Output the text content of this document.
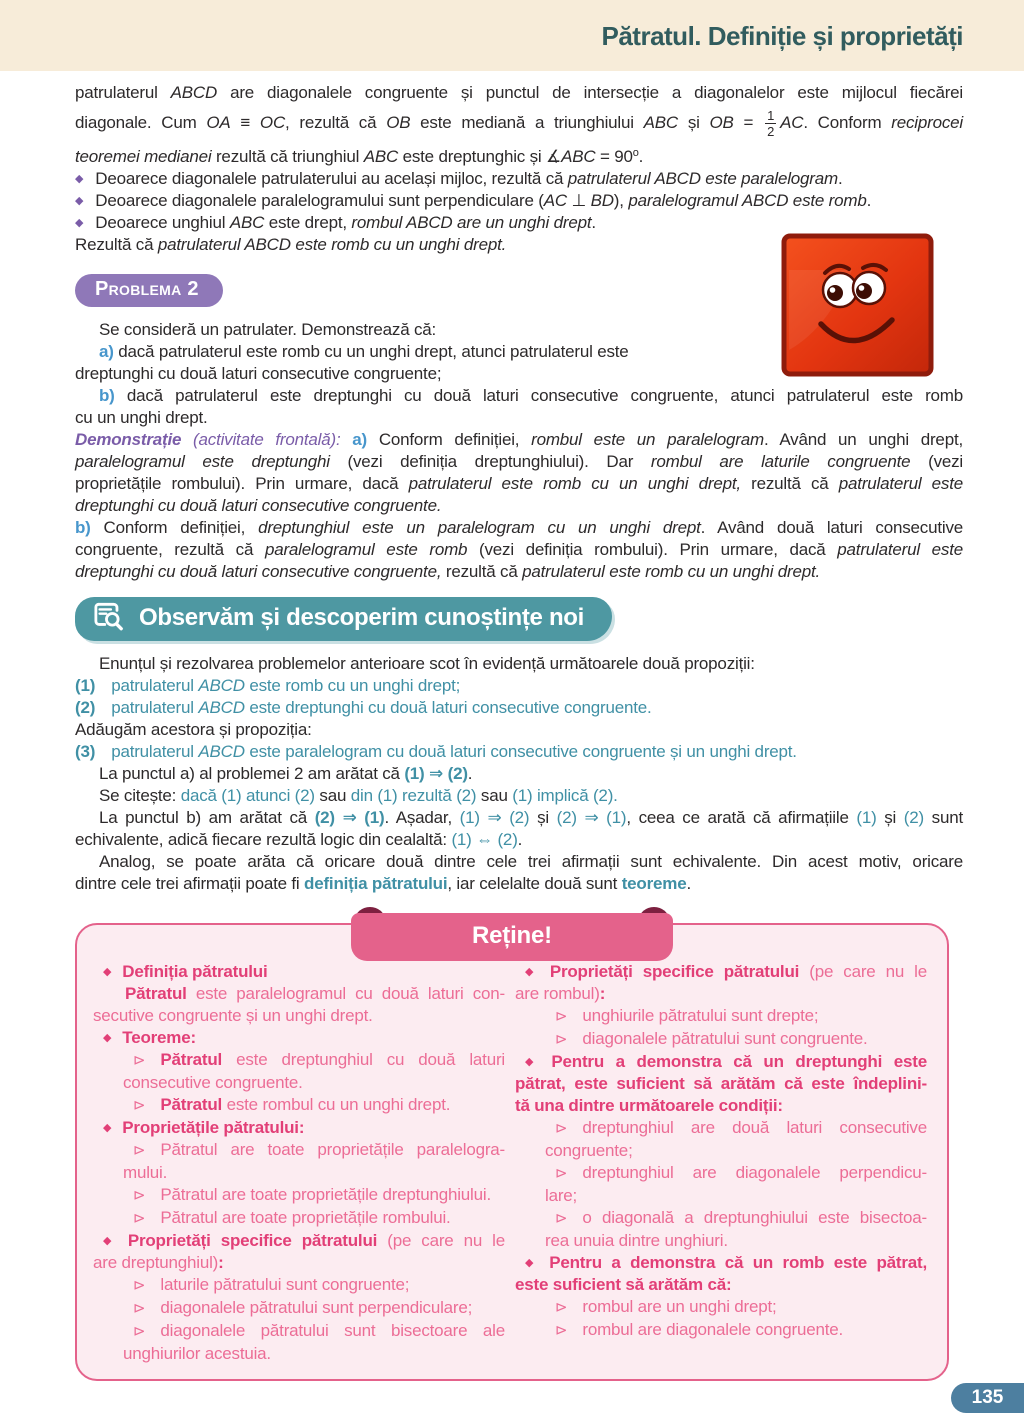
Pătratul. Definiție și proprietăți
patrulaterul ABCD are diagonalele congruente și punctul de intersecție a diagonalelor este mijlocul fiecărei
diagonale. Cum OA ≡ OC, rezultă că OB este mediană a triunghiului ABC și OB = $\frac{1}{2}$ AC. Conform reciprocei
teoremei medianei rezultă că triunghiul ABC este dreptunghic și ∡ABC = $90^o$.
◆ Deoarece diagonalele patrulaterului au același mijloc, rezultă că patrulaterul ABCD este paralelogram.
◆ Deoarece diagonalele paralelogramului sunt perpendiculare (AC ⊥ BD), paralelogramul ABCD este romb.
◆ Deoarece unghiul ABC este drept, rombul ABCD are un unghi drept.
Rezultă că patrulaterul ABCD este romb cu un unghi drept.
Problema 2
Se consideră un patrulater. Demonstrează că:
a) dacă patrulaterul este romb cu un unghi drept, atunci patrulaterul este
dreptunghi cu două laturi consecutive congruente;
b) dacă patrulaterul este dreptunghi cu două laturi consecutive congruente, atunci patrulaterul este romb
cu un unghi drept.
Demonstrație (activitate frontală): a) Conform definiției, rombul este un paralelogram. Având un unghi drept,
paralelogramul este dreptunghi (vezi definiția dreptunghiului). Dar rombul are laturile congruente (vezi
proprietățile rombului). Prin urmare, dacă patrulaterul este romb cu un unghi drept, rezultă că patrulaterul este
dreptunghi cu două laturi consecutive congruente.
b) Conform definiției, dreptunghiul este un paralelogram cu un unghi drept. Având două laturi consecutive
congruente, rezultă că paralelogramul este romb (vezi definiția rombului). Prin urmare, dacă patrulaterul este
dreptunghi cu două laturi consecutive congruente, rezultă că patrulaterul este romb cu un unghi drept.
Observăm și descoperim cunoștințe noi
Enunțul și rezolvarea problemelor anterioare scot în evidență următoarele două propoziții:
(1) patrulaterul ABCD este romb cu un unghi drept;
(2) patrulaterul ABCD este dreptunghi cu două laturi consecutive congruente.
Adăugăm acestora și propoziția:
(3) patrulaterul ABCD este paralelogram cu două laturi consecutive congruente și un unghi drept.
La punctul a) al problemei 2 am arătat că (1) ⇒ (2).
Se citește: dacă (1) atunci (2) sau din (1) rezultă (2) sau (1) implică (2).
La punctul b) am arătat că (2) ⇒ (1). Așadar, (1) ⇒ (2) și (2) ⇒ (1), ceea ce arată că afirmațiile (1) și (2) sunt
echivalente, adică fiecare rezultă logic din cealaltă: (1) ⇔ (2).
Analog, se poate arăta că oricare două dintre cele trei afirmații sunt echivalente. Din acest motiv, oricare
dintre cele trei afirmații poate fi definiția pătratului, iar celelalte două sunt teoreme.
Reține!
◆ Definiția pătratului
Pătratul este paralelogramul cu două laturi con-
secutive congruente și un unghi drept.
◆ Teoreme:
⊳ Pătratul este dreptunghiul cu două laturi
consecutive congruente.
⊳ Pătratul este rombul cu un unghi drept.
◆ Proprietățile pătratului:
⊳ Pătratul are toate proprietățile paralelogra-
mului.
⊳ Pătratul are toate proprietățile dreptunghiului.
⊳ Pătratul are toate proprietățile rombului.
◆ Proprietăți specifice pătratului (pe care nu le
are dreptunghiul):
⊳ laturile pătratului sunt congruente;
⊳ diagonalele pătratului sunt perpendiculare;
⊳ diagonalele pătratului sunt bisectoare ale
unghiurilor acestuia.
◆ Proprietăți specifice pătratului (pe care nu le
are rombul):
⊳ unghiurile pătratului sunt drepte;
⊳ diagonalele pătratului sunt congruente.
◆ Pentru a demonstra că un dreptunghi este
pătrat, este suficient să arătăm că este îndeplini-
tă una dintre următoarele condiții:
⊳ dreptunghiul are două laturi consecutive
congruente;
⊳ dreptunghiul are diagonalele perpendicu-
lare;
⊳ o diagonală a dreptunghiului este bisectoa-
rea unuia dintre unghiuri.
◆ Pentru a demonstra că un romb este pătrat,
este suficient să arătăm că:
⊳ rombul are un unghi drept;
⊳ rombul are diagonalele congruente.
135
